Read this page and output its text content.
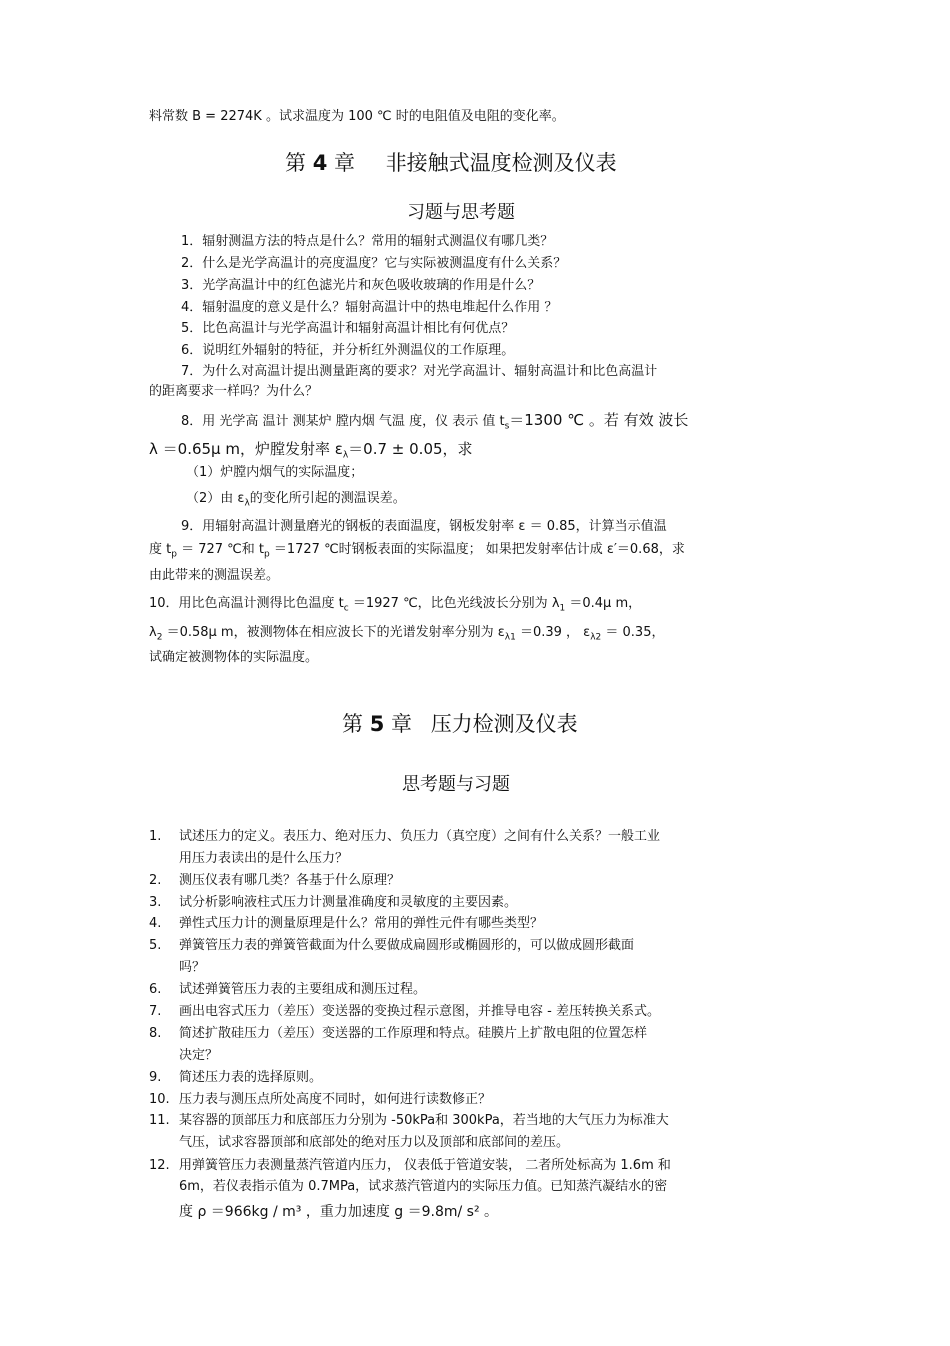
料常数 B = 2274K 。试求温度为 100 ℃ 时的电阻值及电阻的变化率。
第 4 章 非接触式温度检测及仪表
习题与思考题
1．辐射测温方法的特点是什么？常用的辐射式测温仪有哪几类？
2．什么是光学高温计的亮度温度？它与实际被测温度有什么关系？
3．光学高温计中的红色滤光片和灰色吸收玻璃的作用是什么？
4．辐射温度的意义是什么？辐射高温计中的热电堆起什么作用 ？
5．比色高温计与光学高温计和辐射高温计相比有何优点？
6．说明红外辐射的特征，并分析红外测温仪的工作原理。
7．为什么对高温计提出测量距离的要求？对光学高温计、辐射高温计和比色高温计
的距离要求一样吗？为什么？
8．用 光学高 温计 测某炉 膛内烟 气温 度，仪 表示 值 $t_s=1300$ ℃ 。若 有效 波长
λ ＝0.65μ m，炉膛发射率 $\varepsilon_\lambda=0.7 \pm 0.05$，求
（1）炉膛内烟气的实际温度；
（2）由 $\varepsilon_\lambda$的变化所引起的测温误差。
9．用辐射高温计测量磨光的钢板的表面温度，钢板发射率 ε ＝ 0.85，计算当示值温
度 $t_p = 727$ ℃和 $t_p =1727$ ℃时钢板表面的实际温度； 如果把发射率估计成 ε′＝0.68，求
由此带来的测温误差。
10．用比色高温计测得比色温度 $t_c =1927$ ℃，比色光线波长分别为 $\lambda_1 =0.4\mu$ m，
$\lambda_2 =0.58\mu$ m，被测物体在相应波长下的光谱发射率分别为 $\varepsilon_{\lambda 1} =0.39$ ， $\varepsilon_{\lambda 2} = 0.35$，
试确定被测物体的实际温度。
第 5 章 压力检测及仪表
思考题与习题
1. 试述压力的定义。表压力、绝对压力、负压力（真空度）之间有什么关系？一般工业
用压力表读出的是什么压力？
2. 测压仪表有哪几类？各基于什么原理？
3. 试分析影响液柱式压力计测量准确度和灵敏度的主要因素。
4. 弹性式压力计的测量原理是什么？常用的弹性元件有哪些类型？
5. 弹簧管压力表的弹簧管截面为什么要做成扁圆形或椭圆形的，可以做成圆形截面
吗？
6. 试述弹簧管压力表的主要组成和测压过程。
7. 画出电容式压力（差压）变送器的变换过程示意图，并推导电容 - 差压转换关系式。
8. 简述扩散硅压力（差压）变送器的工作原理和特点。硅膜片上扩散电阻的位置怎样
决定？
9. 简述压力表的选择原则。
10. 压力表与测压点所处高度不同时，如何进行读数修正？
11. 某容器的顶部压力和底部压力分别为 -50kPa和 300kPa，若当地的大气压力为标准大
气压，试求容器顶部和底部处的绝对压力以及顶部和底部间的差压。
12. 用弹簧管压力表测量蒸汽管道内压力， 仪表低于管道安装， 二者所处标高为 1.6m 和
6m，若仪表指示值为 0.7MPa，试求蒸汽管道内的实际压力值。已知蒸汽凝结水的密
度 ρ ＝966kg / m³ ，重力加速度 g ＝9.8m/ s² 。
